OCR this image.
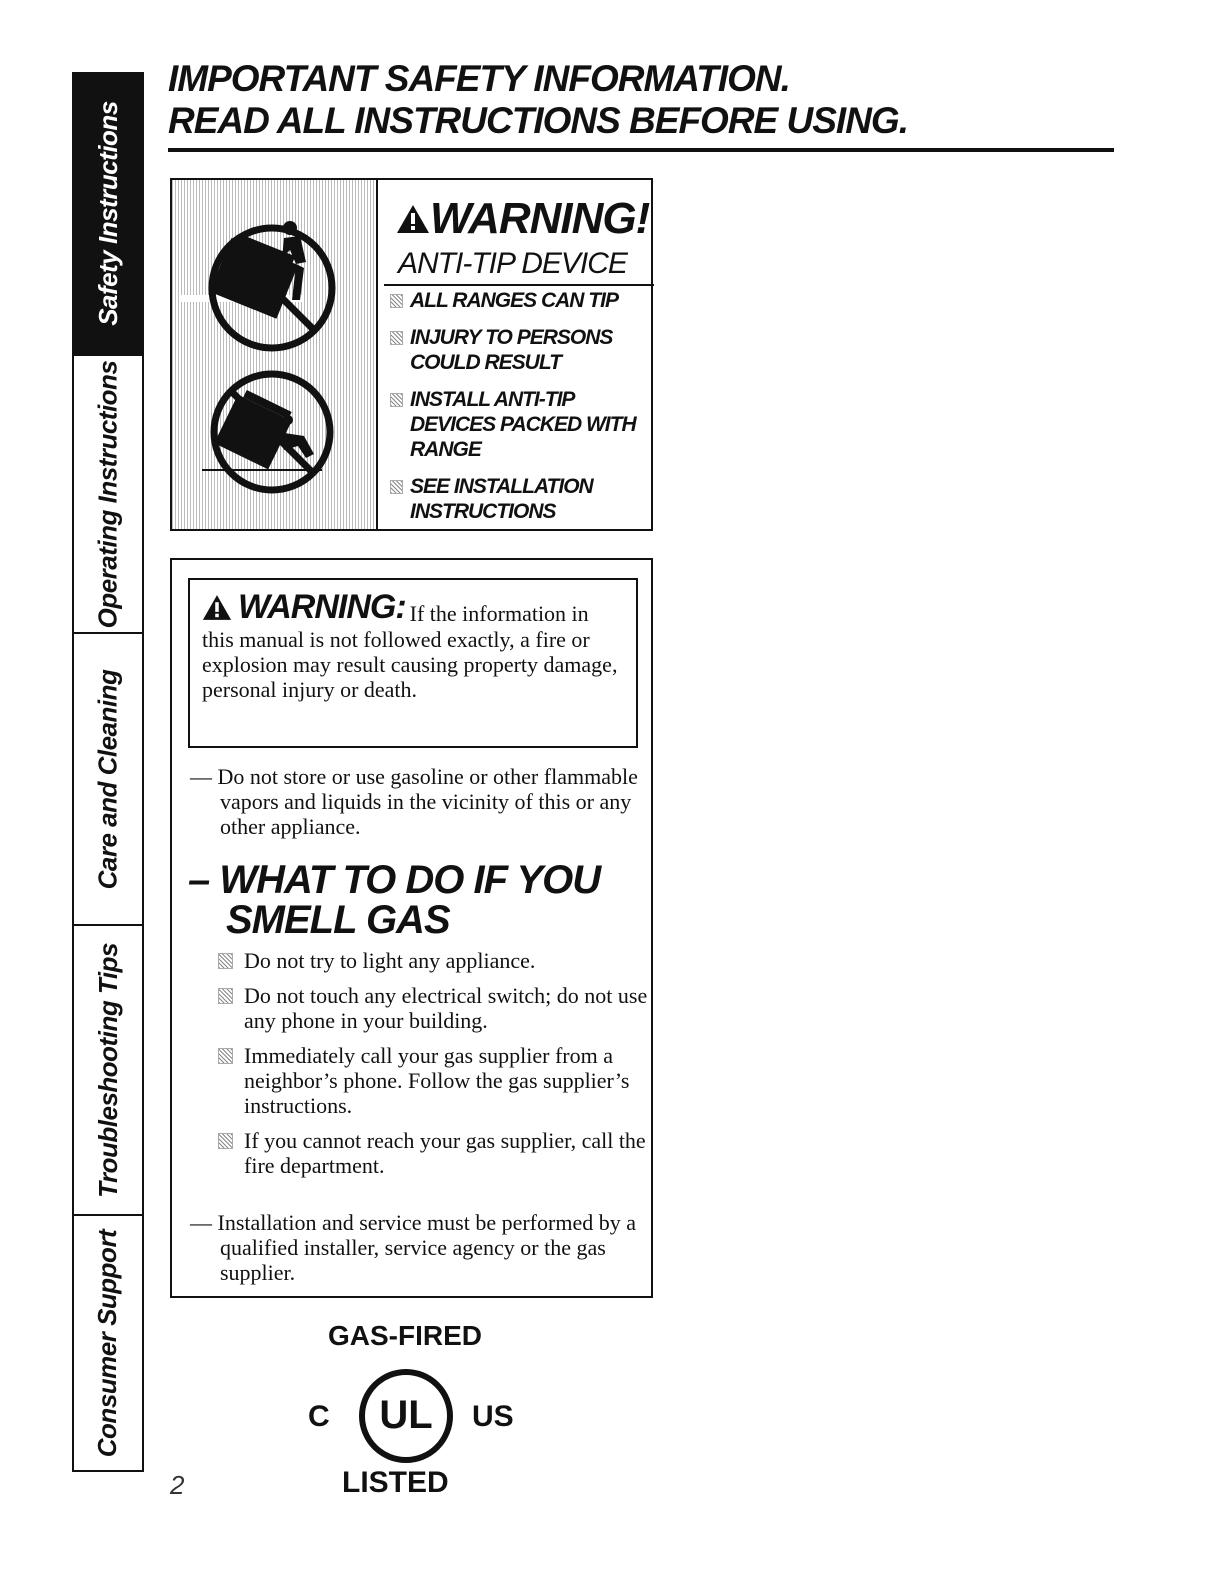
Safety Instructions
Operating Instructions
Care and Cleaning
Troubleshooting Tips
Consumer Support
IMPORTANT SAFETY INFORMATION.
READ ALL INSTRUCTIONS BEFORE USING.
WARNING!
ANTI-TIP DEVICE
ALL RANGES CAN TIP
INJURY TO PERSONS COULD RESULT
INSTALL ANTI-TIP DEVICES PACKED WITH RANGE
SEE INSTALLATION INSTRUCTIONS
WARNING: If the information in this manual is not followed exactly, a fire or explosion may result causing property damage, personal injury or death.
— Do not store or use gasoline or other flammable vapors and liquids in the vicinity of this or any other appliance.
– WHAT TO DO IF YOU SMELL GAS
Do not try to light any appliance.
Do not touch any electrical switch; do not use any phone in your building.
Immediately call your gas supplier from a neighbor’s phone. Follow the gas supplier’s instructions.
If you cannot reach your gas supplier, call the fire department.
— Installation and service must be performed by a qualified installer, service agency or the gas supplier.
GAS-FIRED
C UL US
LISTED
2
